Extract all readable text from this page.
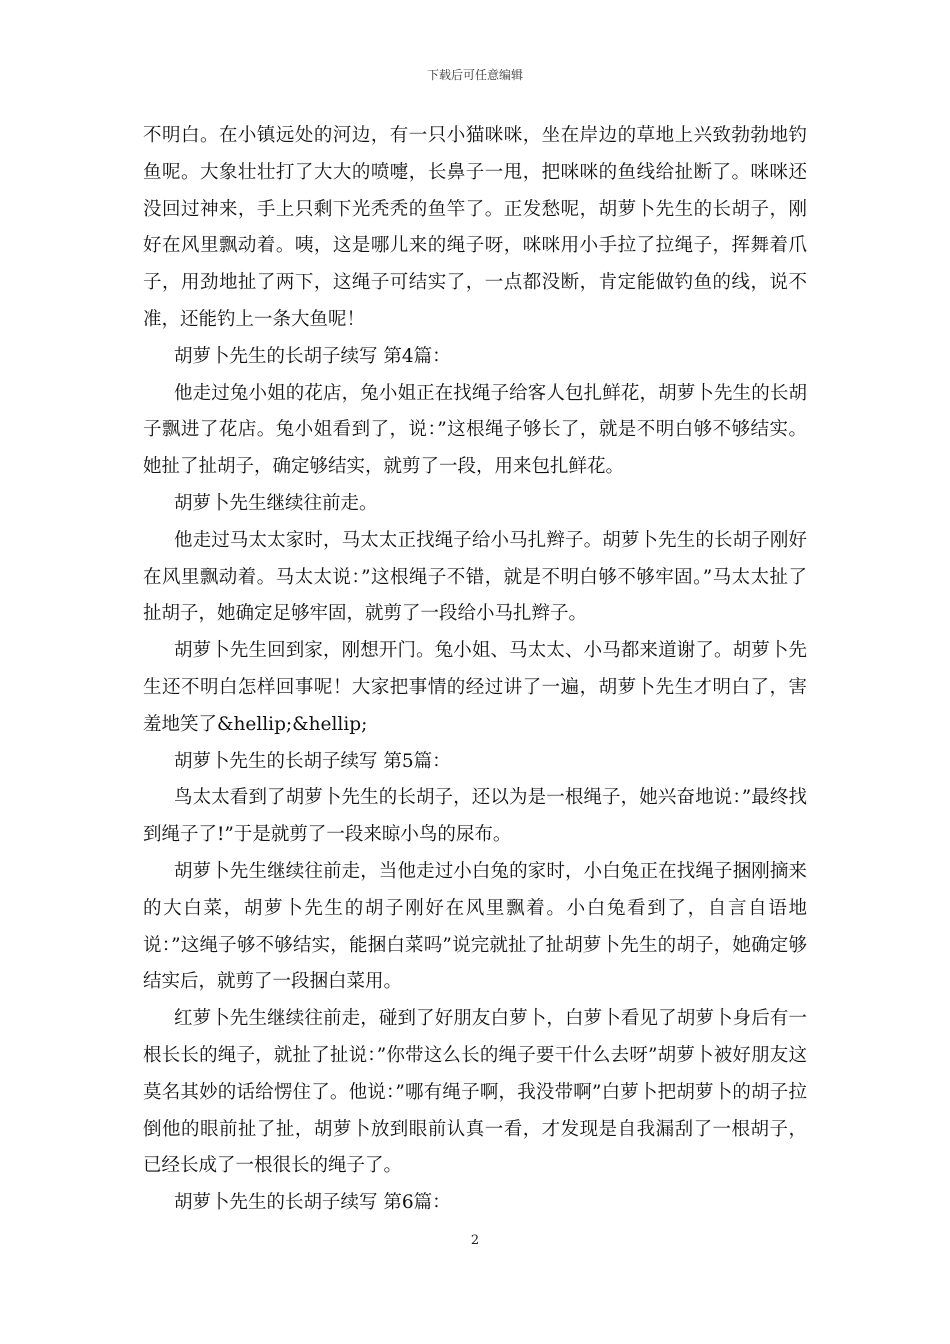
下载后可任意编辑

不明白。在小镇远处的河边，有一只小猫咪咪，坐在岸边的草地上兴致勃勃地钓鱼呢。大象壮壮打了大大的喷嚏，长鼻子一甩，把咪咪的鱼线给扯断了。咪咪还没回过神来，手上只剩下光秃秃的鱼竿了。正发愁呢，胡萝卜先生的长胡子，刚好在风里飘动着。咦，这是哪儿来的绳子呀，咪咪用小手拉了拉绳子，挥舞着爪子，用劲地扯了两下，这绳子可结实了，一点都没断，肯定能做钓鱼的线，说不准，还能钓上一条大鱼呢！

胡萝卜先生的长胡子续写 第4篇：

他走过兔小姐的花店，兔小姐正在找绳子给客人包扎鲜花，胡萝卜先生的长胡子飘进了花店。兔小姐看到了，说：”这根绳子够长了，就是不明白够不够结实。她扯了扯胡子，确定够结实，就剪了一段，用来包扎鲜花。

胡萝卜先生继续往前走。

他走过马太太家时，马太太正找绳子给小马扎辫子。胡萝卜先生的长胡子刚好在风里飘动着。马太太说：”这根绳子不错，就是不明白够不够牢固。”马太太扯了扯胡子，她确定足够牢固，就剪了一段给小马扎辫子。

胡萝卜先生回到家，刚想开门。兔小姐、马太太、小马都来道谢了。胡萝卜先生还不明白怎样回事呢！大家把事情的经过讲了一遍，胡萝卜先生才明白了，害羞地笑了&hellip;&hellip;

胡萝卜先生的长胡子续写 第5篇：

鸟太太看到了胡萝卜先生的长胡子，还以为是一根绳子，她兴奋地说：”最终找到绳子了!”于是就剪了一段来晾小鸟的尿布。

胡萝卜先生继续往前走，当他走过小白兔的家时，小白兔正在找绳子捆刚摘来的大白菜，胡萝卜先生的胡子刚好在风里飘着。小白兔看到了，自言自语地说：”这绳子够不够结实，能捆白菜吗”说完就扯了扯胡萝卜先生的胡子，她确定够结实后，就剪了一段捆白菜用。

红萝卜先生继续往前走，碰到了好朋友白萝卜，白萝卜看见了胡萝卜身后有一根长长的绳子，就扯了扯说：”你带这么长的绳子要干什么去呀”胡萝卜被好朋友这莫名其妙的话给愣住了。他说：”哪有绳子啊，我没带啊”白萝卜把胡萝卜的胡子拉倒他的眼前扯了扯，胡萝卜放到眼前认真一看，才发现是自我漏刮了一根胡子，已经长成了一根很长的绳子了。

胡萝卜先生的长胡子续写 第6篇：

2
